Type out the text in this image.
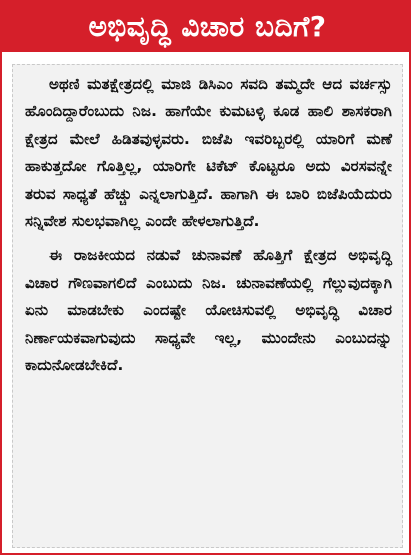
ಅಭಿವೃದ್ಧಿ ವಿಚಾರ ಬದಿಗೆ?

ಅಥಣಿ ಮತಕ್ಷೇತ್ರದಲ್ಲಿ ಮಾಜಿ ಡಿಸಿಎಂ ಸವದಿ ತಮ್ಮದೇ ಆದ ವರ್ಚಸ್ಸು ಹೊಂದಿದ್ದಾರೆಂಬುದು ನಿಜ. ಹಾಗೆಯೇ ಕುಮಟಳ್ಳಿ ಕೂಡ ಹಾಲಿ ಶಾಸಕರಾಗಿ ಕ್ಷೇತ್ರದ ಮೇಲೆ ಹಿಡಿತವುಳ್ಳವರು. ಬಿಜೆಪಿ ಇವರಿಬ್ಬರಲ್ಲಿ ಯಾರಿಗೆ ಮಣೆ ಹಾಕುತ್ತದೋ ಗೊತ್ತಿಲ್ಲ, ಯಾರಿಗೇ ಟಿಕೆಟ್ ಕೊಟ್ಟರೂ ಅದು ವಿರಸವನ್ನೇ ತರುವ ಸಾಧ್ಯತೆ ಹೆಚ್ಚು ಎನ್ನಲಾಗುತ್ತಿದೆ. ಹಾಗಾಗಿ ಈ ಬಾರಿ ಬಿಜೆಪಿಯೆದುರು ಸನ್ನಿವೇಶ ಸುಲಭವಾಗಿಲ್ಲ ಎಂದೇ ಹೇಳಲಾಗುತ್ತಿದೆ.

ಈ ರಾಜಕೀಯದ ನಡುವೆ ಚುನಾವಣೆ ಹೊತ್ತಿಗೆ ಕ್ಷೇತ್ರದ ಅಭಿವೃದ್ಧಿ ವಿಚಾರ ಗೌಣವಾಗಲಿದೆ ಎಂಬುದು ನಿಜ. ಚುನಾವಣೆಯಲ್ಲಿ ಗೆಲ್ಲುವುದಕ್ಕಾಗಿ ಏನು ಮಾಡಬೇಕು ಎಂದಷ್ಟೇ ಯೋಚಿಸುವಲ್ಲಿ ಅಭಿವೃದ್ಧಿ ವಿಚಾರ ನಿರ್ಣಾಯಕವಾಗುವುದು ಸಾಧ್ಯವೇ ಇಲ್ಲ, ಮುಂದೇನು ಎಂಬುದನ್ನು ಕಾದುನೋಡಬೇಕಿದೆ.
